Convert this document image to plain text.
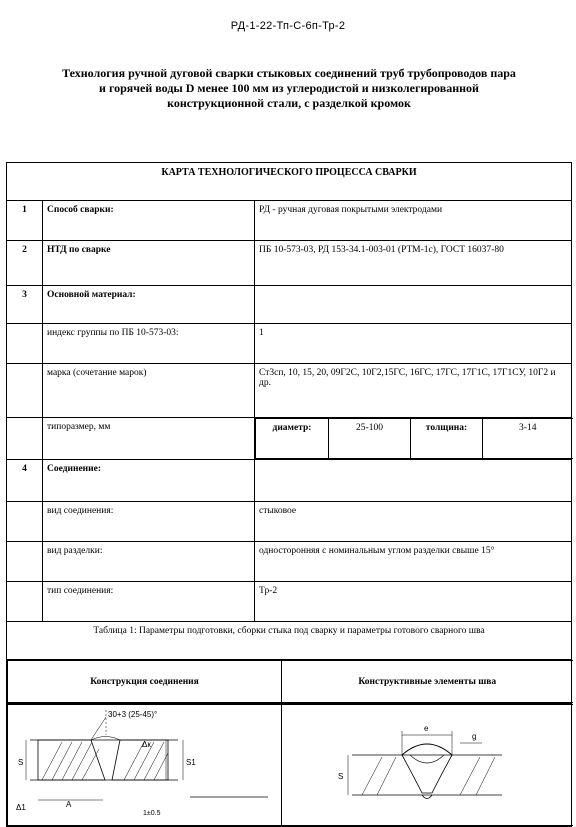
РД-1-22-Тп-С-6п-Тр-2
Технология ручной дуговой сварки стыковых соединений труб трубопроводов пара
и горячей воды D менее 100 мм из углеродистой и низколегированной
конструкционной стали, с разделкой кромок
· · · · · · ·
КАРТА ТЕХНОЛОГИЧЕСКОГО ПРОЦЕССА СВАРКИ
1	Способ сварки:	РД - ручная дуговая покрытыми электродами
2	НТД по сварке	ПБ 10-573-03, РД 153-34.1-003-01 (РТМ-1с), ГОСТ 16037-80
3	Основной материал:	
	индекс группы по ПБ 10-573-03:	1
	марка (сочетание марок)	Ст3сп, 10, 15, 20, 09Г2С, 10Г2,15ГС, 16ГС, 17ГС, 17Г1С, 17Г1СУ, 10Г2 и др.
	типоразмер, мм		диаметр:	25-100	толщина:	3-14

4	Соединение:	
	вид соединения:	стыковое
	вид разделки:	односторонняя с номинальным углом разделки свыше 15°
	тип соединения:	Тр-2
Таблица 1: Параметры подготовки, сборки стыка под сварку и параметры готового сварного шва

Конструкция соединения	Конструктивные элементы шва

30+3 (25-45)°
Δк
S	S1
Δ1	A
1±0.5

e
g
S
